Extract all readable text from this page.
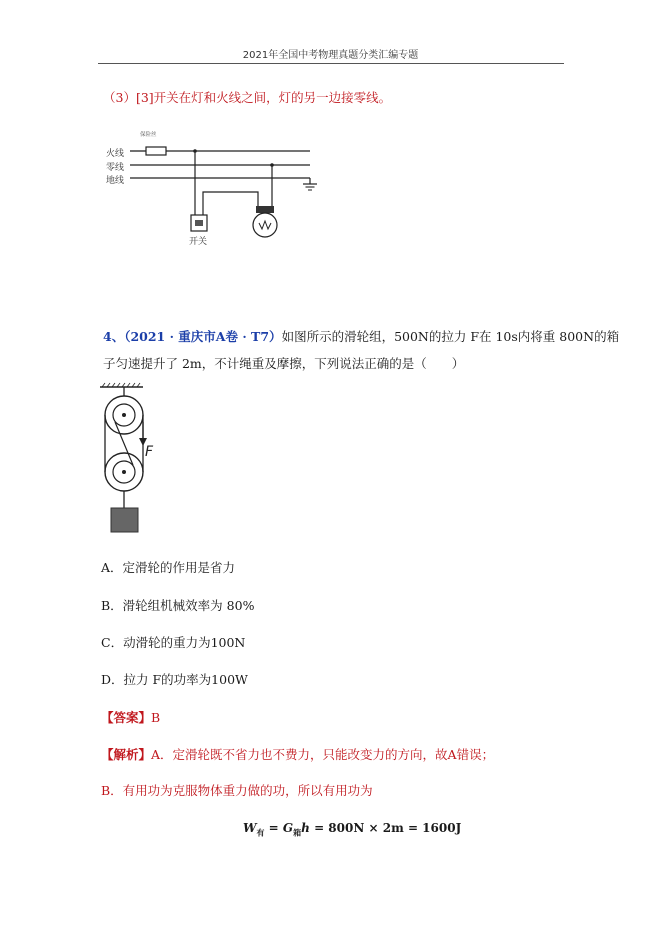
2021年全国中考物理真题分类汇编专题
（3）[3]开关在灯和火线之间，灯的另一边接零线。
保险丝
火线
零线
地线
开关
4、（2021 · 重庆市A卷 · T7）如图所示的滑轮组，500N的拉力 F在 10s内将重 800N的箱
子匀速提升了 2m，不计绳重及摩擦，下列说法正确的是（　　）
F
A．定滑轮的作用是省力
B．滑轮组机械效率为 80%
C．动滑轮的重力为100N
D．拉力 F的功率为100W
【答案】B
【解析】A．定滑轮既不省力也不费力，只能改变力的方向，故A错误；
B．有用功为克服物体重力做的功，所以有用功为
$W_有 = G_箱h = 800N \times 2m = 1600J$
